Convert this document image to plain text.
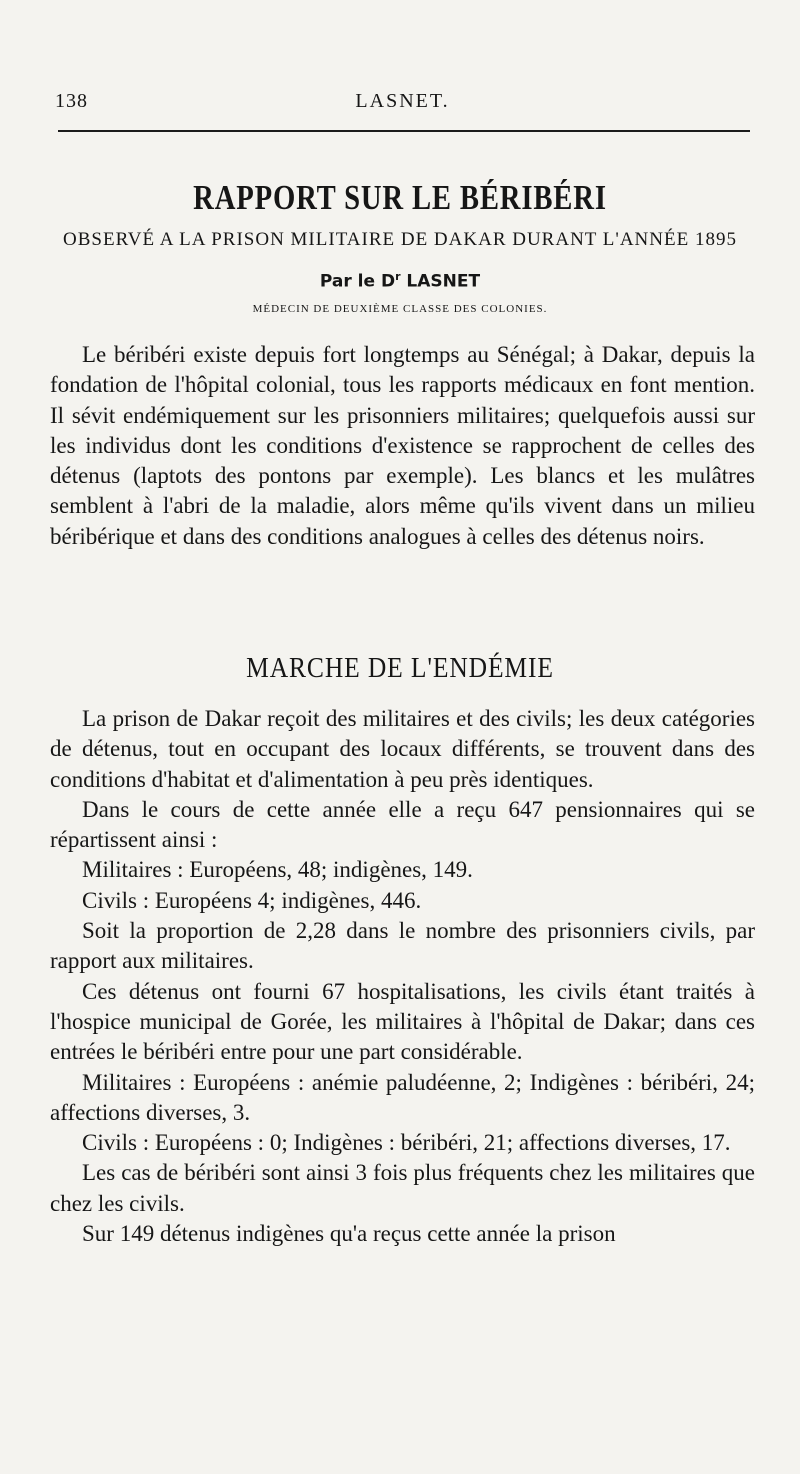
138	LASNET.
RAPPORT SUR LE BÉRIBÉRI
OBSERVÉ A LA PRISON MILITAIRE DE DAKAR DURANT L'ANNÉE 1895
Par le $D^r$ LASNET
MÉDECIN DE DEUXIÈME CLASSE DES COLONIES.

Le béribéri existe depuis fort longtemps au Sénégal; à Dakar, depuis la fondation de l'hôpital colonial, tous les rapports médicaux en font mention. Il sévit endémiquement sur les prisonniers militaires; quelquefois aussi sur les individus dont les conditions d'existence se rapprochent de celles des détenus (laptots des pontons par exemple). Les blancs et les mulâtres semblent à l'abri de la maladie, alors même qu'ils vivent dans un milieu béribérique et dans des conditions analogues à celles des détenus noirs.

MARCHE DE L'ENDÉMIE

La prison de Dakar reçoit des militaires et des civils; les deux catégories de détenus, tout en occupant des locaux différents, se trouvent dans des conditions d'habitat et d'alimentation à peu près identiques.

Dans le cours de cette année elle a reçu 647 pensionnaires qui se répartissent ainsi :

Militaires : Européens, 48; indigènes, 149.

Civils : Européens 4; indigènes, 446.

Soit la proportion de 2,28 dans le nombre des prisonniers civils, par rapport aux militaires.

Ces détenus ont fourni 67 hospitalisations, les civils étant traités à l'hospice municipal de Gorée, les militaires à l'hôpital de Dakar; dans ces entrées le béribéri entre pour une part considérable.

Militaires : Européens : anémie paludéenne, 2; Indigènes : béribéri, 24; affections diverses, 3.

Civils : Européens : 0; Indigènes : béribéri, 21; affections diverses, 17.

Les cas de béribéri sont ainsi 3 fois plus fréquents chez les militaires que chez les civils.

Sur 149 détenus indigènes qu'a reçus cette année la prison
